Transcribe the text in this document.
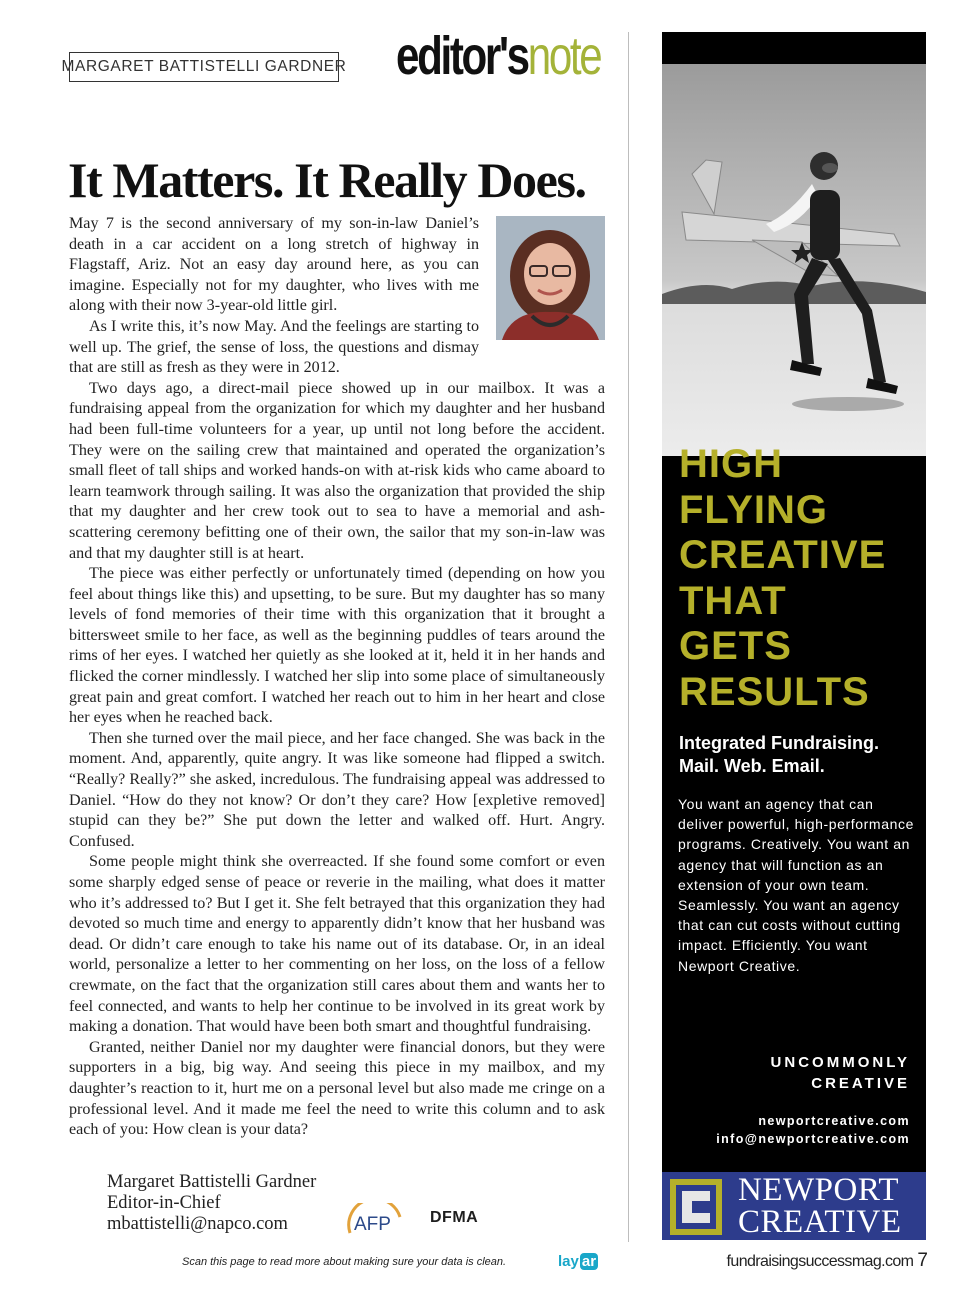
MARGARET BATTISTELLI GARDNER editor'snote
It Matters. It Really Does.

May 7 is the second anniversary of my son-in-law Daniel’s death in a car accident on a long stretch of highway in Flagstaff, Ariz. Not an easy day around here, as you can imagine. Especially not for my daughter, who lives with me along with their now 3-year-old little girl.

As I write this, it’s now May. And the feelings are starting to well up. The grief, the sense of loss, the questions and dismay that are still as fresh as they were in 2012.

Two days ago, a direct-mail piece showed up in our mailbox. It was a fundraising appeal from the organization for which my daughter and her husband had been full-time volunteers for a year, up until not long before the accident. They were on the sailing crew that maintained and operated the organization’s small fleet of tall ships and worked hands-on with at-risk kids who came aboard to learn teamwork through sailing. It was also the organization that provided the ship that my daughter and her crew took out to sea to have a memorial and ash-scattering ceremony befitting one of their own, the sailor that my son-in-law was and that my daughter still is at heart.

The piece was either perfectly or unfortunately timed (depending on how you feel about things like this) and upsetting, to be sure. But my daughter has so many levels of fond memories of their time with this organization that it brought a bittersweet smile to her face, as well as the beginning puddles of tears around the rims of her eyes. I watched her quietly as she looked at it, held it in her hands and flicked the corner mindlessly. I watched her slip into some place of simultaneously great pain and great comfort. I watched her reach out to him in her heart and close her eyes when he reached back.

Then she turned over the mail piece, and her face changed. She was back in the moment. And, apparently, quite angry. It was like someone had flipped a switch. “Really? Really?” she asked, incredulous. The fundraising appeal was addressed to Daniel. “How do they not know? Or don’t they care? How [expletive removed] stupid can they be?” She put down the letter and walked off. Hurt. Angry. Confused.

Some people might think she overreacted. If she found some comfort or even some sharply edged sense of peace or reverie in the mailing, what does it matter who it’s addressed to? But I get it. She felt betrayed that this organization they had devoted so much time and energy to apparently didn’t know that her husband was dead. Or didn’t care enough to take his name out of its database. Or, in an ideal world, personalize a letter to her commenting on her loss, on the loss of a fellow crewmate, on the fact that the organization still cares about them and wants her to feel connected, and wants to help her continue to be involved in its great work by making a donation. That would have been both smart and thoughtful fundraising.

Granted, neither Daniel nor my daughter were financial donors, but they were supporters in a big, big way. And seeing this piece in my mailbox, and my daughter’s reaction to it, hurt me on a personal level but also made me cringe on a professional level. And it made me feel the need to write this column and to ask each of you: How clean is your data?

Margaret Battistelli Gardner
Editor-in-Chief
mbattistelli@napco.com	AFP DFMA
Scan this page to read more about making sure your data is clean.	lay ar	fundraisingsuccessmag.com 7
HIGH
FLYING
CREATIVE
THAT
GETS
RESULTS
Integrated Fundraising.
Mail. Web. Email.
You want an agency that can deliver powerful, high-performance programs. Creatively. You want an agency that will function as an extension of your own team. Seamlessly. You want an agency that can cut costs without cutting impact. Efficiently. You want Newport Creative.
UNCOMMONLY
CREATIVE
newportcreative.com
info@newportcreative.com
NEWPORT
CREATIVE
